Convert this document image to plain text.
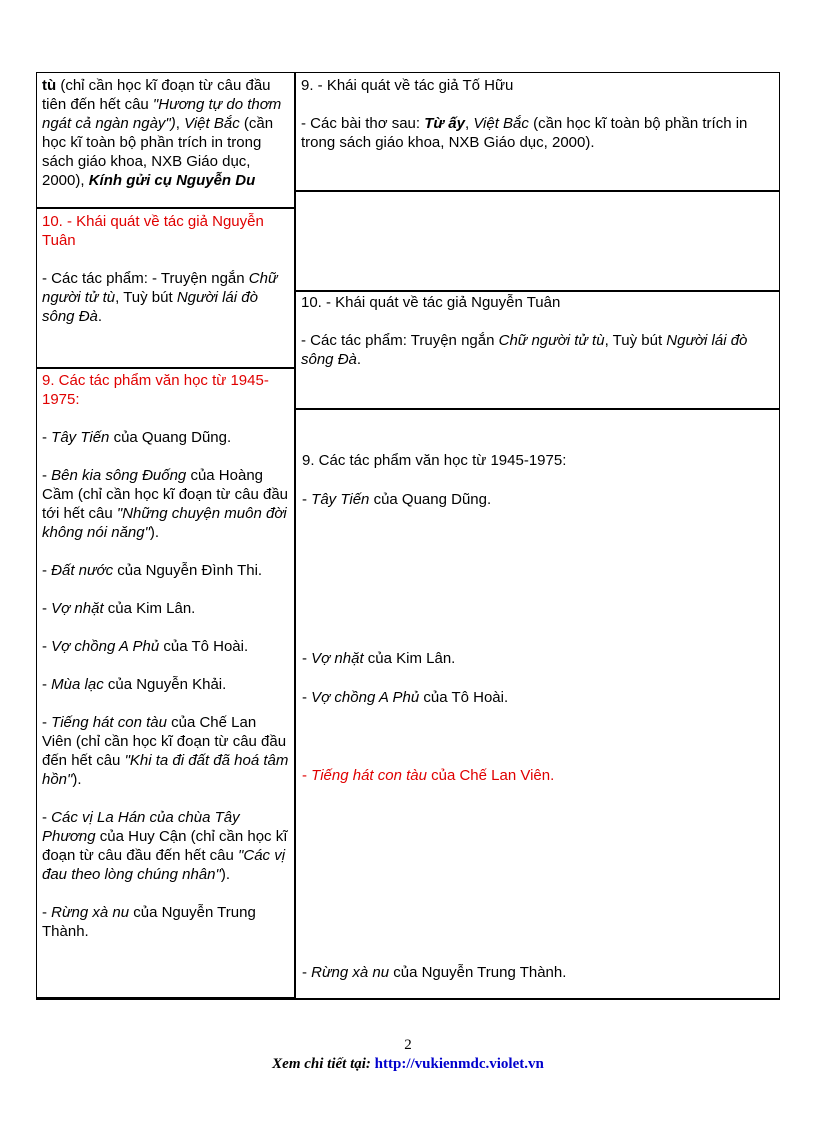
tù (chỉ cần học kĩ đoạn từ câu đầu tiên đến hết câu "Hương tự do thơm ngát cả ngàn ngày"), Việt Bắc (cần học kĩ toàn bộ phần trích in trong sách giáo khoa, NXB Giáo dục, 2000), Kính gửi cụ Nguyễn Du

10. - Khái quát về tác giả Nguyễn Tuân

- Các tác phẩm: - Truyện ngắn Chữ người tử tù, Tuỳ bút Người lái đò sông Đà.

9. Các tác phẩm văn học từ 1945-1975:

- Tây Tiến của Quang Dũng.

- Bên kia sông Đuống của Hoàng Cầm (chỉ cần học kĩ đoạn từ câu đầu tới hết câu "Những chuyện muôn đời không nói năng").

- Đất nước của Nguyễn Đình Thi.

- Vợ nhặt của Kim Lân.

- Vợ chồng A Phủ của Tô Hoài.

- Mùa lạc của Nguyễn Khải.

- Tiếng hát con tàu của Chế Lan Viên (chỉ cần học kĩ đoạn từ câu đầu đến hết câu "Khi ta đi đất đã hoá tâm hồn").

- Các vị La Hán của chùa Tây Phương của Huy Cận (chỉ cần học kĩ đoạn từ câu đầu đến hết câu "Các vị đau theo lòng chúng nhân").

- Rừng xà nu của Nguyễn Trung Thành.

9. - Khái quát về tác giả Tố Hữu

- Các bài thơ sau: Từ ấy, Việt Bắc (cần học kĩ toàn bộ phần trích in trong sách giáo khoa, NXB Giáo dục, 2000).

10. - Khái quát về tác giả Nguyễn Tuân

- Các tác phẩm: Truyện ngắn Chữ người tử tù, Tuỳ bút Người lái đò sông Đà.

9. Các tác phẩm văn học từ 1945-1975:

- Tây Tiến của Quang Dũng.

- Vợ nhặt của Kim Lân.

- Vợ chồng A Phủ của Tô Hoài.

- Tiếng hát con tàu của Chế Lan Viên.

- Rừng xà nu của Nguyễn Trung Thành.

2
Xem chi tiết tại: http://vukienmdc.violet.vn
